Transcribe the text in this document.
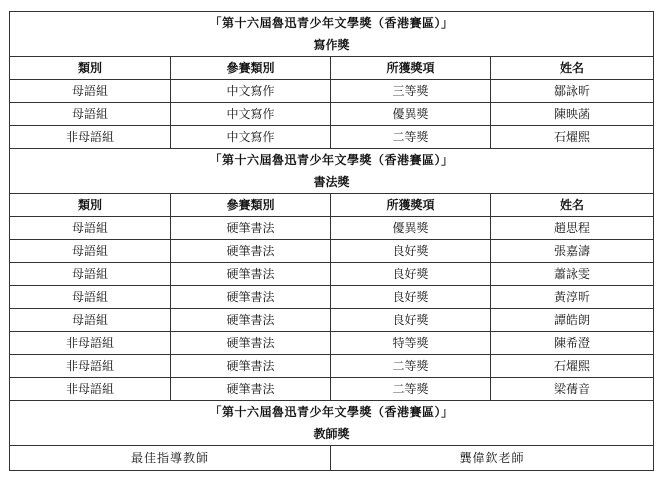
「第十六屆魯迅青少年文學獎（香港賽區）」			
寫作獎			
類別	參賽類別	所獲獎項	姓名
母語組	中文寫作	三等獎	鄒詠昕
母語組	中文寫作	優異獎	陳映菡
非母語組	中文寫作	二等獎	石燿熙
「第十六屆魯迅青少年文學獎（香港賽區）」			
書法獎			
類別	參賽類別	所獲獎項	姓名
母語組	硬筆書法	優異獎	趙思程
母語組	硬筆書法	良好獎	張嘉濤
母語組	硬筆書法	良好獎	蕭詠雯
母語組	硬筆書法	良好獎	黃淳昕
母語組	硬筆書法	良好獎	譚皓朗
非母語組	硬筆書法	特等獎	陳希澄
非母語組	硬筆書法	二等獎	石燿熙
非母語組	硬筆書法	二等獎	梁蒨音
「第十六屆魯迅青少年文學獎（香港賽區）」			
教師獎			
最佳指導教師		龔偉欽老師	
